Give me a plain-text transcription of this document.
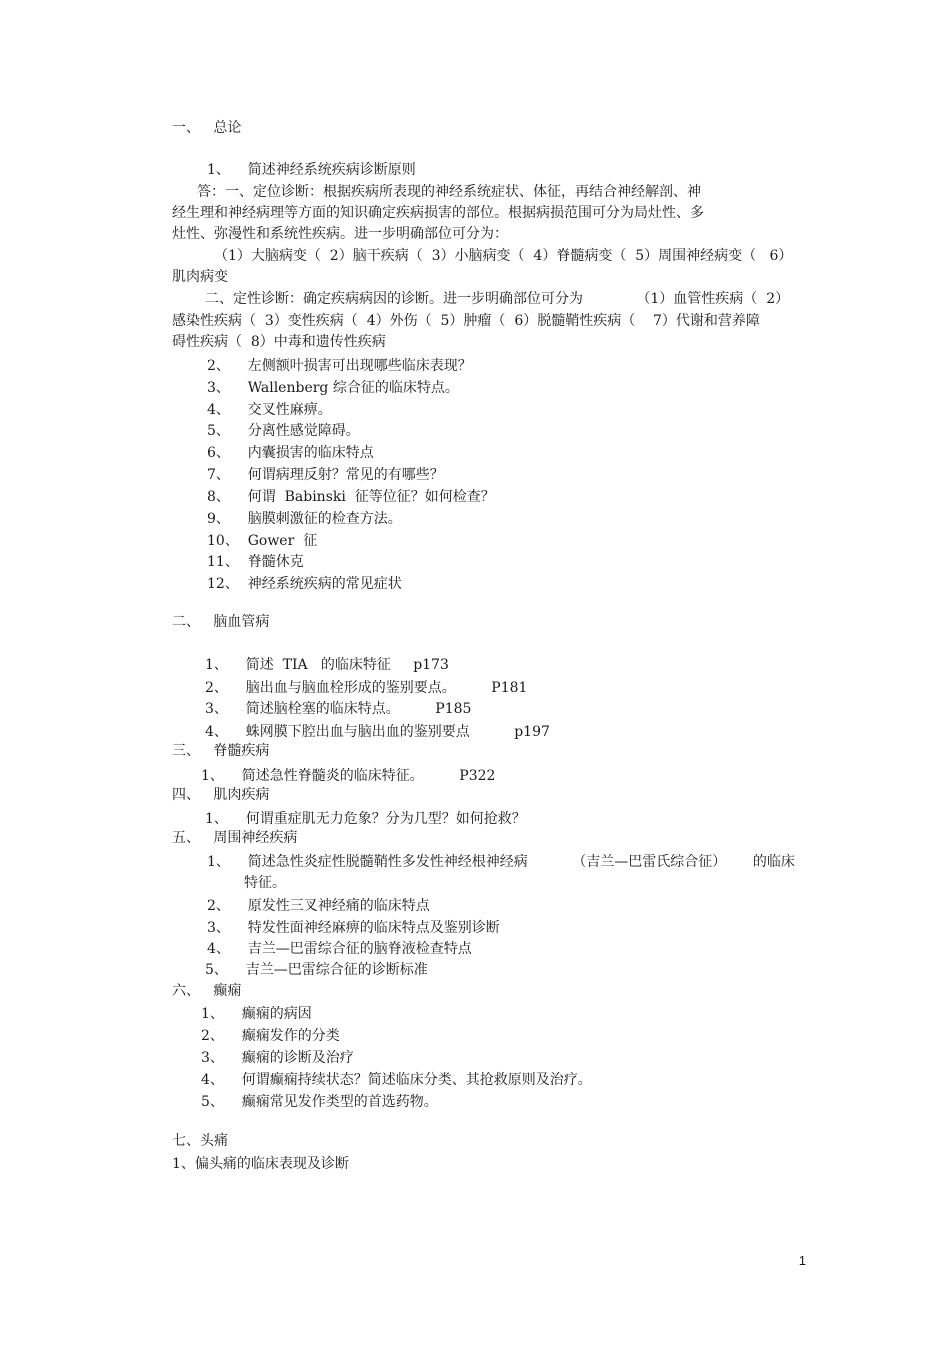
一、   总论
1、    简述神经系统疾病诊断原则
答：一、定位诊断：根据疾病所表现的神经系统症状、体征，再结合神经解剖、神
经生理和神经病理等方面的知识确定疾病损害的部位。根据病损范围可分为局灶性、多
灶性、弥漫性和系统性疾病。进一步明确部位可分为：
（1）大脑病变（  2）脑干疾病（  3）小脑病变（  4）脊髓病变（  5）周围神经病变（   6）
肌肉病变
二、定性诊断：确定疾病病因的诊断。进一步明确部位可分为            （1）血管性疾病（  2）
感染性疾病（  3）变性疾病（  4）外伤（  5）肿瘤（  6）脱髓鞘性疾病（    7）代谢和营养障
碍性疾病（  8）中毒和遗传性疾病
2、    左侧额叶损害可出现哪些临床表现？
3、    Wallenberg 综合征的临床特点。
4、    交叉性麻痹。
5、    分离性感觉障碍。
6、    内囊损害的临床特点
7、    何谓病理反射？常见的有哪些？
8、    何谓  Babinski  征等位征？如何检查？
9、    脑膜刺激征的检查方法。
10、  Gower  征
11、  脊髓休克
12、  神经系统疾病的常见症状
二、   脑血管病
1、    简述  TIA   的临床特征     p173
2、    脑出血与脑血栓形成的鉴别要点。        P181
3、    简述脑栓塞的临床特点。        P185
4、    蛛网膜下腔出血与脑出血的鉴别要点          p197
三、   脊髓疾病
1、    简述急性脊髓炎的临床特征。        P322
四、   肌肉疾病
1、    何谓重症肌无力危象？分为几型？如何抢救？
五、   周围神经疾病
1、    简述急性炎症性脱髓鞘性多发性神经根神经病          （吉兰—巴雷氏综合征）      的临床
特征。
2、    原发性三叉神经痛的临床特点
3、    特发性面神经麻痹的临床特点及鉴别诊断
4、    吉兰—巴雷综合征的脑脊液检查特点
5、    吉兰—巴雷综合征的诊断标准
六、   癫痫
1、    癫痫的病因
2、    癫痫发作的分类
3、    癫痫的诊断及治疗
4、    何谓癫痫持续状态？简述临床分类、其抢救原则及治疗。
5、    癫痫常见发作类型的首选药物。
七、头痛
1、偏头痛的临床表现及诊断
1
